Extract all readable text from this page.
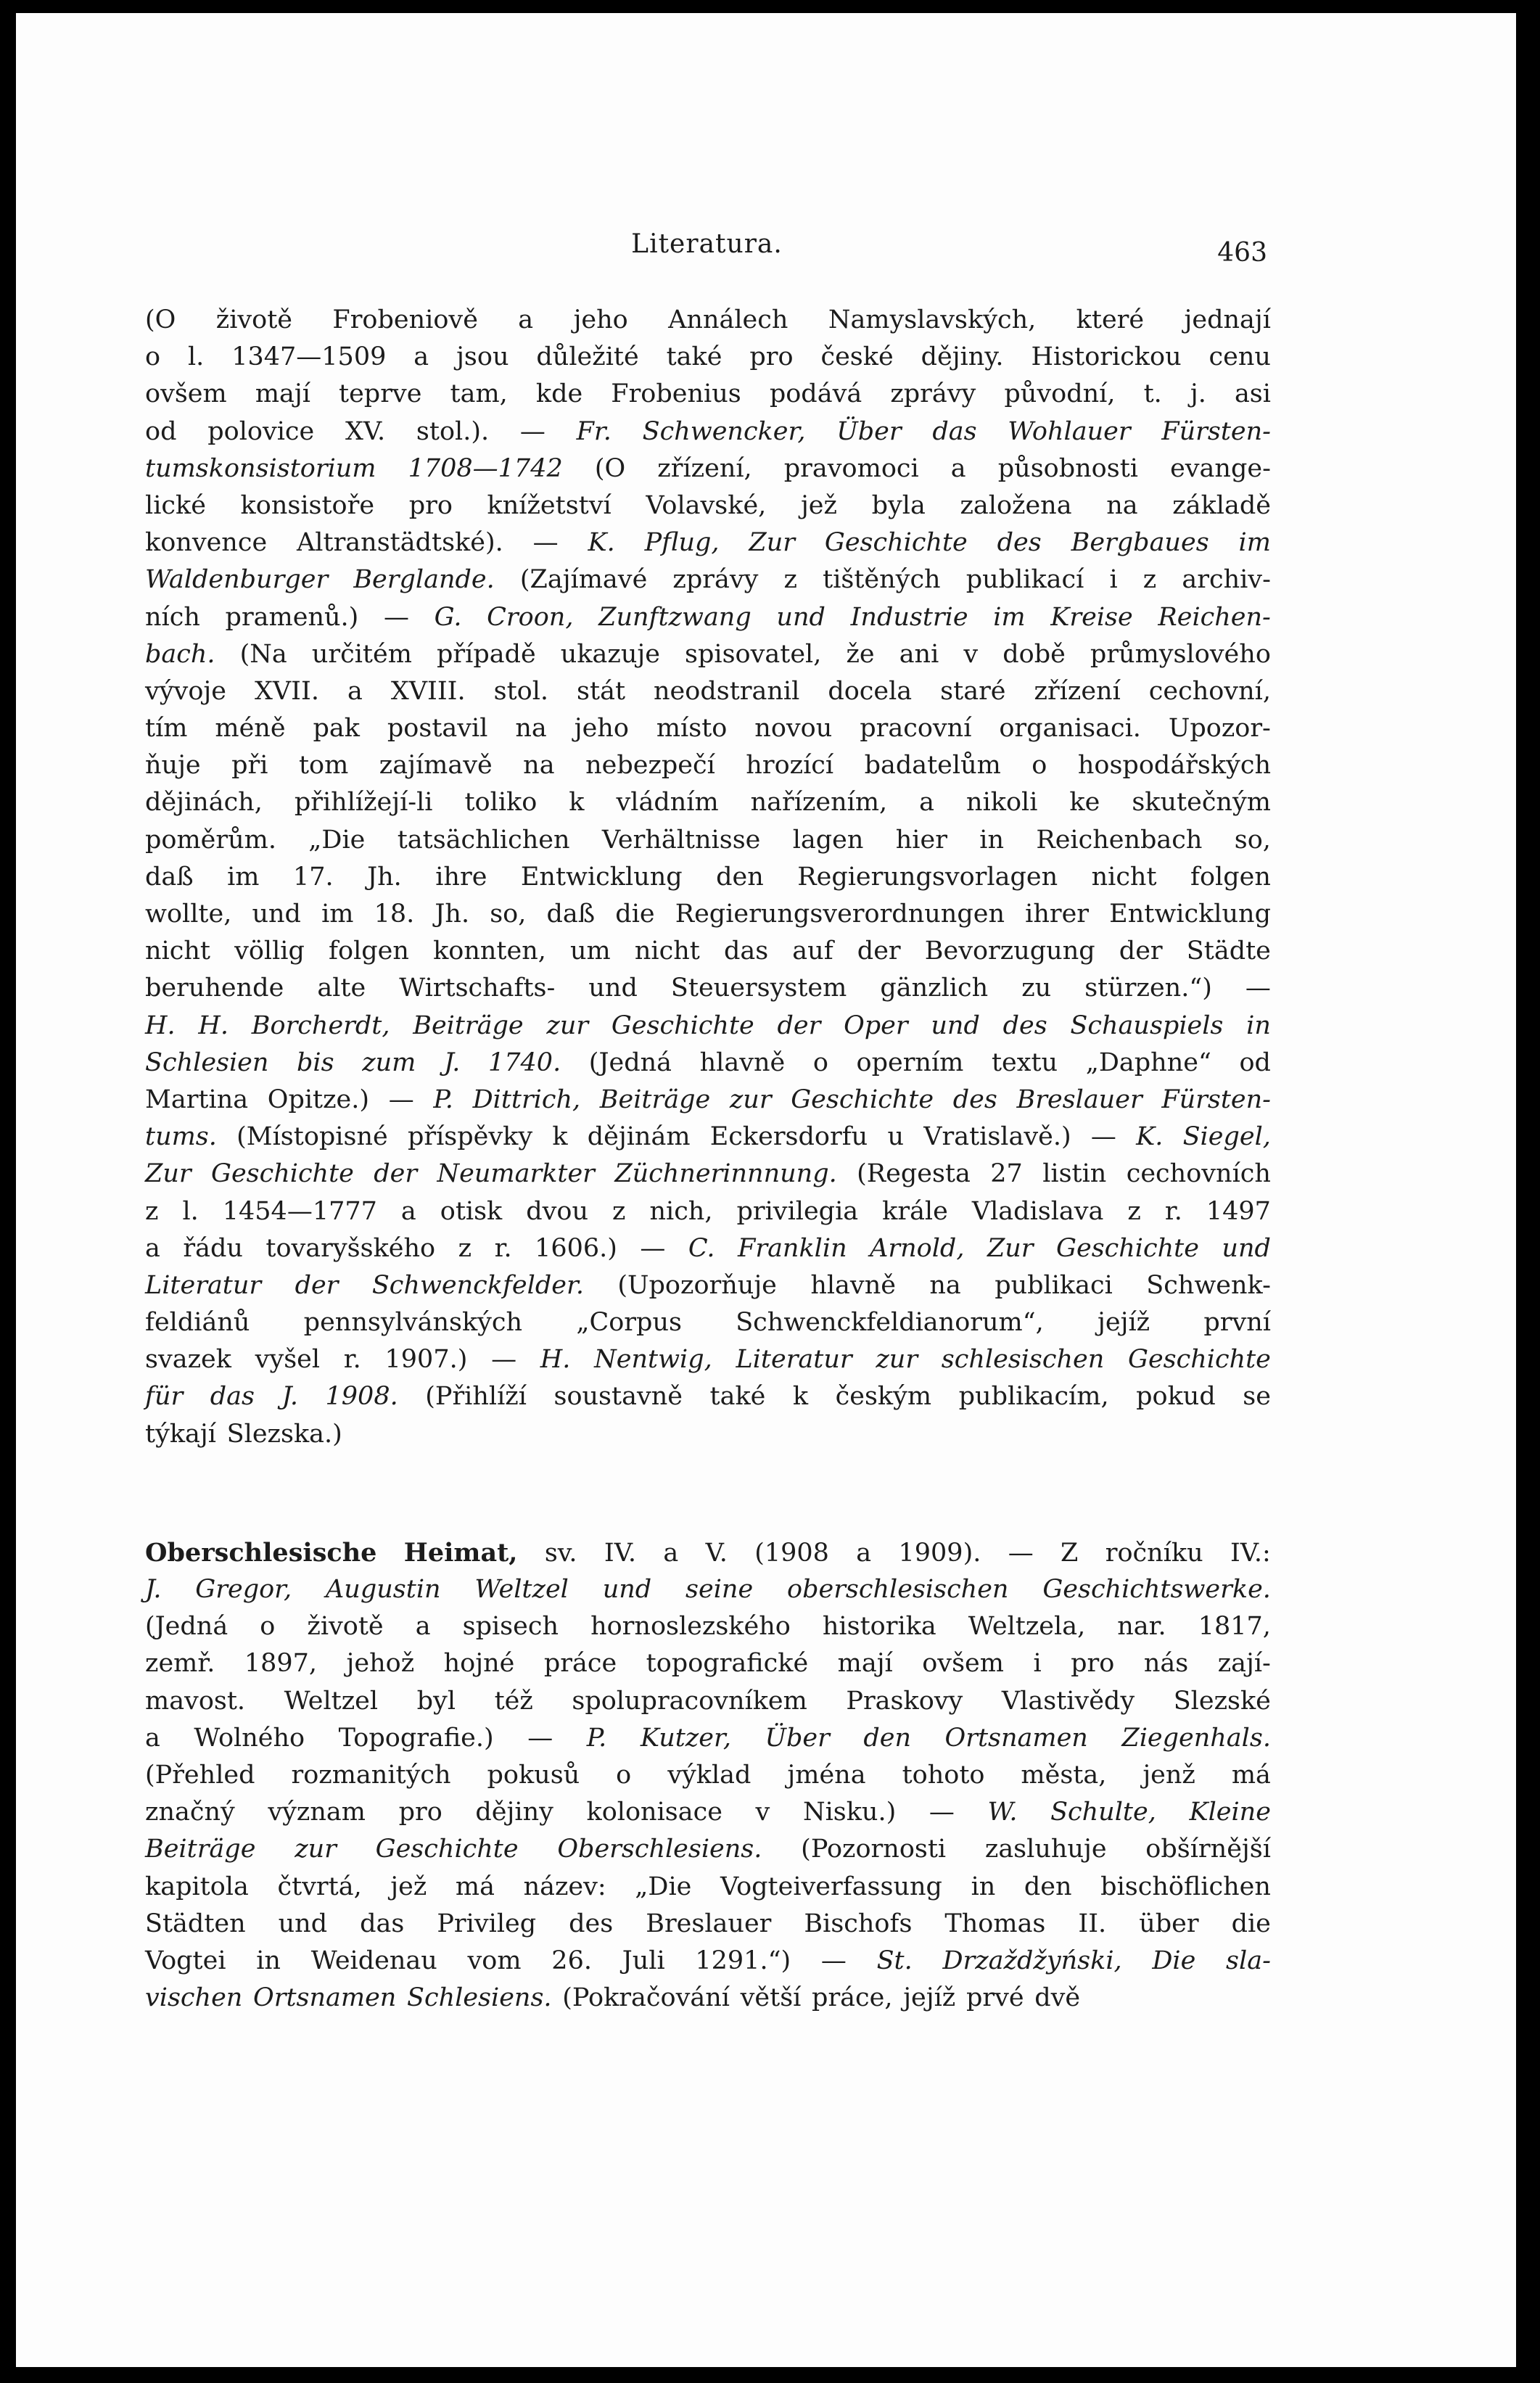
Literatura.	463
(O životě Frobeniově a jeho Annálech Namyslavských, které jednají
o l. 1347—1509 a jsou důležité také pro české dějiny. Historickou cenu
ovšem mají teprve tam, kde Frobenius podává zprávy původní, t. j. asi
od polovice XV. stol.). — Fr. Schwencker, Über das Wohlauer Fürsten-
tumskonsistorium 1708—1742 (O zřízení, pravomoci a působnosti evange-
lické konsistoře pro knížetství Volavské, jež byla založena na základě
konvence Altranstädtské). — K. Pflug, Zur Geschichte des Bergbaues im
Waldenburger Berglande. (Zajímavé zprávy z tištěných publikací i z archiv-
ních pramenů.) — G. Croon, Zunftzwang und Industrie im Kreise Reichen-
bach. (Na určitém případě ukazuje spisovatel, že ani v době průmyslového
vývoje XVII. a XVIII. stol. stát neodstranil docela staré zřízení cechovní,
tím méně pak postavil na jeho místo novou pracovní organisaci. Upozor-
ňuje při tom zajímavě na nebezpečí hrozící badatelům o hospodářských
dějinách, přihlížejí-li toliko k vládním nařízením, a nikoli ke skutečným
poměrům. „Die tatsächlichen Verhältnisse lagen hier in Reichenbach so,
daß im 17. Jh. ihre Entwicklung den Regierungsvorlagen nicht folgen
wollte, und im 18. Jh. so, daß die Regierungsverordnungen ihrer Entwicklung
nicht völlig folgen konnten, um nicht das auf der Bevorzugung der Städte
beruhende alte Wirtschafts- und Steuersystem gänzlich zu stürzen.“) —
H. H. Borcherdt, Beiträge zur Geschichte der Oper und des Schauspiels in
Schlesien bis zum J. 1740. (Jedná hlavně o operním textu „Daphne“ od
Martina Opitze.) — P. Dittrich, Beiträge zur Geschichte des Breslauer Fürsten-
tums. (Místopisné příspěvky k dějinám Eckersdorfu u Vratislavě.) — K. Siegel,
Zur Geschichte der Neumarkter Züchnerinnnung. (Regesta 27 listin cechovních
z l. 1454—1777 a otisk dvou z nich, privilegia krále Vladislava z r. 1497
a řádu tovaryšského z r. 1606.) — C. Franklin Arnold, Zur Geschichte und
Literatur der Schwenckfelder. (Upozorňuje hlavně na publikaci Schwenk-
feldiánů pennsylvánských „Corpus Schwenckfeldianorum“, jejíž první
svazek vyšel r. 1907.) — H. Nentwig, Literatur zur schlesischen Geschichte
für das J. 1908. (Přihlíží soustavně také k českým publikacím, pokud se
týkají Slezska.)
Oberschlesische Heimat, sv. IV. a V. (1908 a 1909). — Z ročníku IV.:
J. Gregor, Augustin Weltzel und seine oberschlesischen Geschichtswerke.
(Jedná o životě a spisech hornoslezského historika Weltzela, nar. 1817,
zemř. 1897, jehož hojné práce topografické mají ovšem i pro nás zají-
mavost. Weltzel byl též spolupracovníkem Praskovy Vlastivědy Slezské
a Wolného Topografie.) — P. Kutzer, Über den Ortsnamen Ziegenhals.
(Přehled rozmanitých pokusů o výklad jména tohoto města, jenž má
značný význam pro dějiny kolonisace v Nisku.) — W. Schulte, Kleine
Beiträge zur Geschichte Oberschlesiens. (Pozornosti zasluhuje obšírnější
kapitola čtvrtá, jež má název: „Die Vogteiverfassung in den bischöflichen
Städten und das Privileg des Breslauer Bischofs Thomas II. über die
Vogtei in Weidenau vom 26. Juli 1291.“) — St. Drzaždžyński, Die sla-
vischen Ortsnamen Schlesiens. (Pokračování větší práce, jejíž prvé dvě
